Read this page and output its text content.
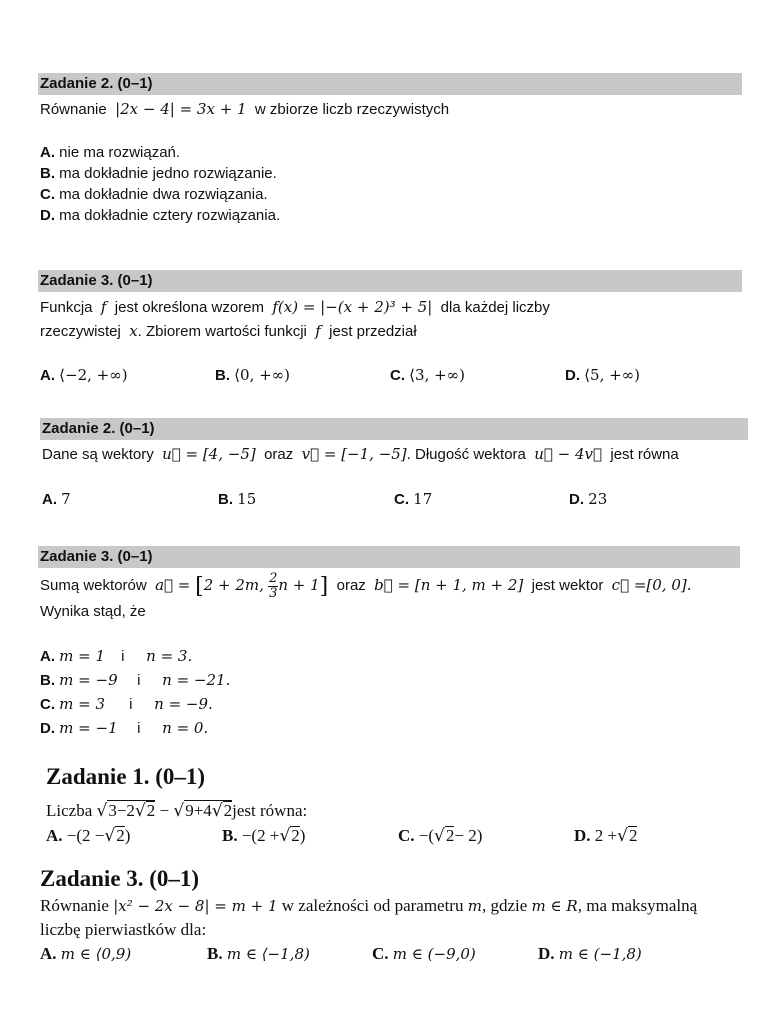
Zadanie 2. (0–1)
Równanie |2x − 4| = 3x + 1 w zbiorze liczb rzeczywistych
A. nie ma rozwiązań.
B. ma dokładnie jedno rozwiązanie.
C. ma dokładnie dwa rozwiązania.
D. ma dokładnie cztery rozwiązania.
Zadanie 3. (0–1)
Funkcja f jest określona wzorem f(x) = |−(x + 2)³ + 5| dla każdej liczby
rzeczywistej x. Zbiorem wartości funkcji f jest przedział
A. ⟨−2, +∞)	B. ⟨0, +∞)	C. ⟨3, +∞)	D. ⟨5, +∞)
Zadanie 2. (0–1)
Dane są wektory u⃗ = [4, −5] oraz v⃗ = [−1, −5]. Długość wektora u⃗ − 4v⃗ jest równa
A. 7	B. 15	C. 17	D. 23
Zadanie 3. (0–1)
Sumą wektorów a⃗ = [2 + 2m, $\frac{2}{3}$ n + 1] oraz b⃗ = [n + 1, m + 2] jest wektor c⃗ =[0, 0].
Wynika stąd, że
A. m = 1 i n = 3.
B. m = −9 i n = −21.
C. m = 3 i n = −9.
D. m = −1 i n = 0.
Zadanie 1. (0–1)
Liczba √3−2√2 − √9+4√2jest równa:
A. −(2 −√2)	B. −(2 +√2)	C. −(√2− 2)	D. 2 +√2
Zadanie 3. (0–1)
Równanie |x² − 2x − 8| = m + 1 w zależności od parametru m, gdzie m ∈ R, ma maksymalną
liczbę pierwiastków dla:
A. m ∈ ⟨0,9)	B. m ∈ ⟨−1,8)	C. m ∈ (−9,0)	D. m ∈ (−1,8)
